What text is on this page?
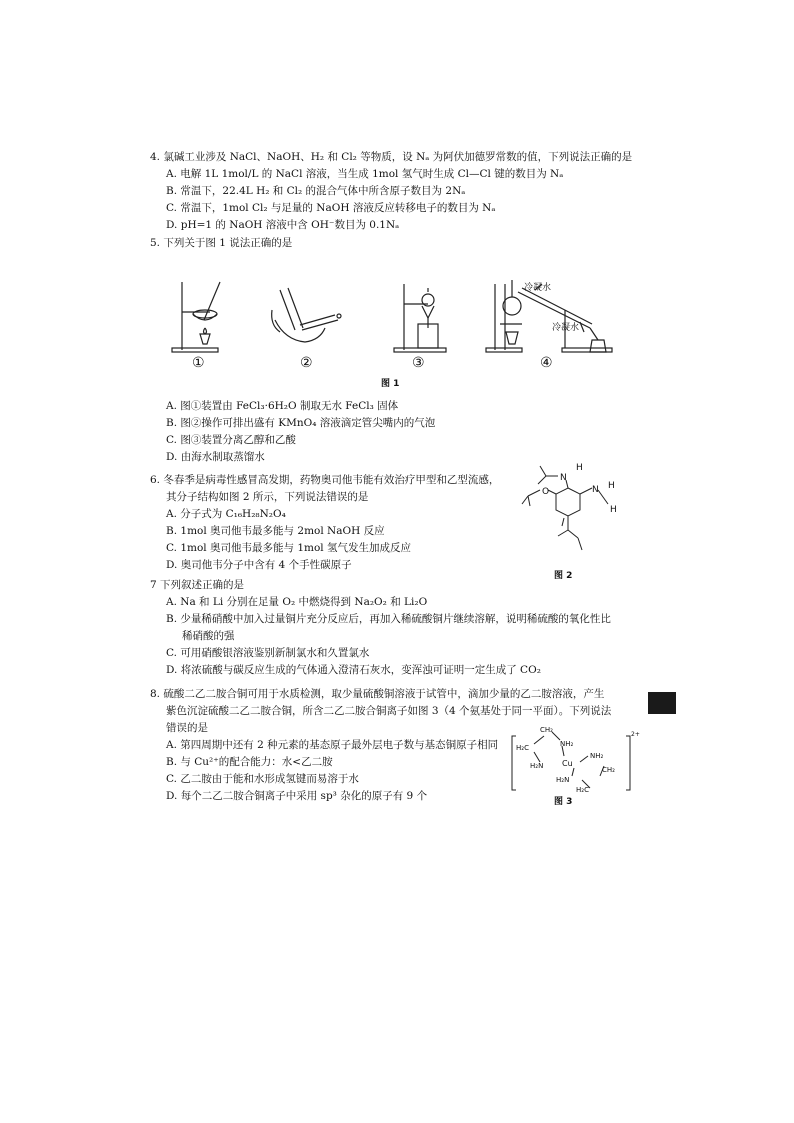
4. 氯碱工业涉及 NaCl、NaOH、H₂ 和 Cl₂ 等物质，设 Nₐ 为阿伏加德罗常数的值，下列说法正确的是

A. 电解 1L 1mol/L 的 NaCl 溶液，当生成 1mol 氢气时生成 Cl—Cl 键的数目为 Nₐ

B. 常温下，22.4L H₂ 和 Cl₂ 的混合气体中所含原子数目为 2Nₐ

C. 常温下，1mol Cl₂ 与足量的 NaOH 溶液反应转移电子的数目为 Nₐ

D. pH=1 的 NaOH 溶液中含 OH⁻数目为 0.1Nₐ

5. 下列关于图 1 说法正确的是

冷凝水
冷凝水
①	②	③	④
图 1

A. 图①装置由 FeCl₃·6H₂O 制取无水 FeCl₃ 固体

B. 图②操作可排出盛有 KMnO₄ 溶液滴定管尖嘴内的气泡

C. 图③装置分离乙醇和乙酸

D. 由海水制取蒸馏水

6. 冬春季是病毒性感冒高发期，药物奥司他韦能有效治疗甲型和乙型流感，

其分子结构如图 2 所示，下列说法错误的是

A. 分子式为 C₁₆H₂₈N₂O₄

B. 1mol 奥司他韦最多能与 2mol NaOH 反应

C. 1mol 奥司他韦最多能与 1mol 氢气发生加成反应

D. 奥司他韦分子中含有 4 个手性碳原子

N
H
N H
H
O
图 2

7 下列叙述正确的是

A. Na 和 Li 分别在足量 O₂ 中燃烧得到 Na₂O₂ 和 Li₂O

B. 少量稀硝酸中加入过量铜片充分反应后，再加入稀硫酸铜片继续溶解，说明稀硫酸的氧化性比

稀硝酸的强

C. 可用硝酸银溶液鉴别新制氯水和久置氯水

D. 将浓硫酸与碳反应生成的气体通入澄清石灰水，变浑浊可证明一定生成了 CO₂

8. 硫酸二乙二胺合铜可用于水质检测，取少量硫酸铜溶液于试管中，滴加少量的乙二胺溶液，产生

紫色沉淀硫酸二乙二胺合铜，所含二乙二胺合铜离子如图 3（4 个氨基处于同一平面）。下列说法

错误的是

A. 第四周期中还有 2 种元素的基态原子最外层电子数与基态铜原子相同

B. 与 Cu²⁺的配合能力：水<乙二胺

C. 乙二胺由于能和水形成氢键而易溶于水

D. 每个二乙二胺合铜离子中采用 sp³ 杂化的原子有 9 个

CH₂
NH₂
H₂C
H₂N Cu
NH₂
H₂N
CH₂
H₂C
2+
图 3
